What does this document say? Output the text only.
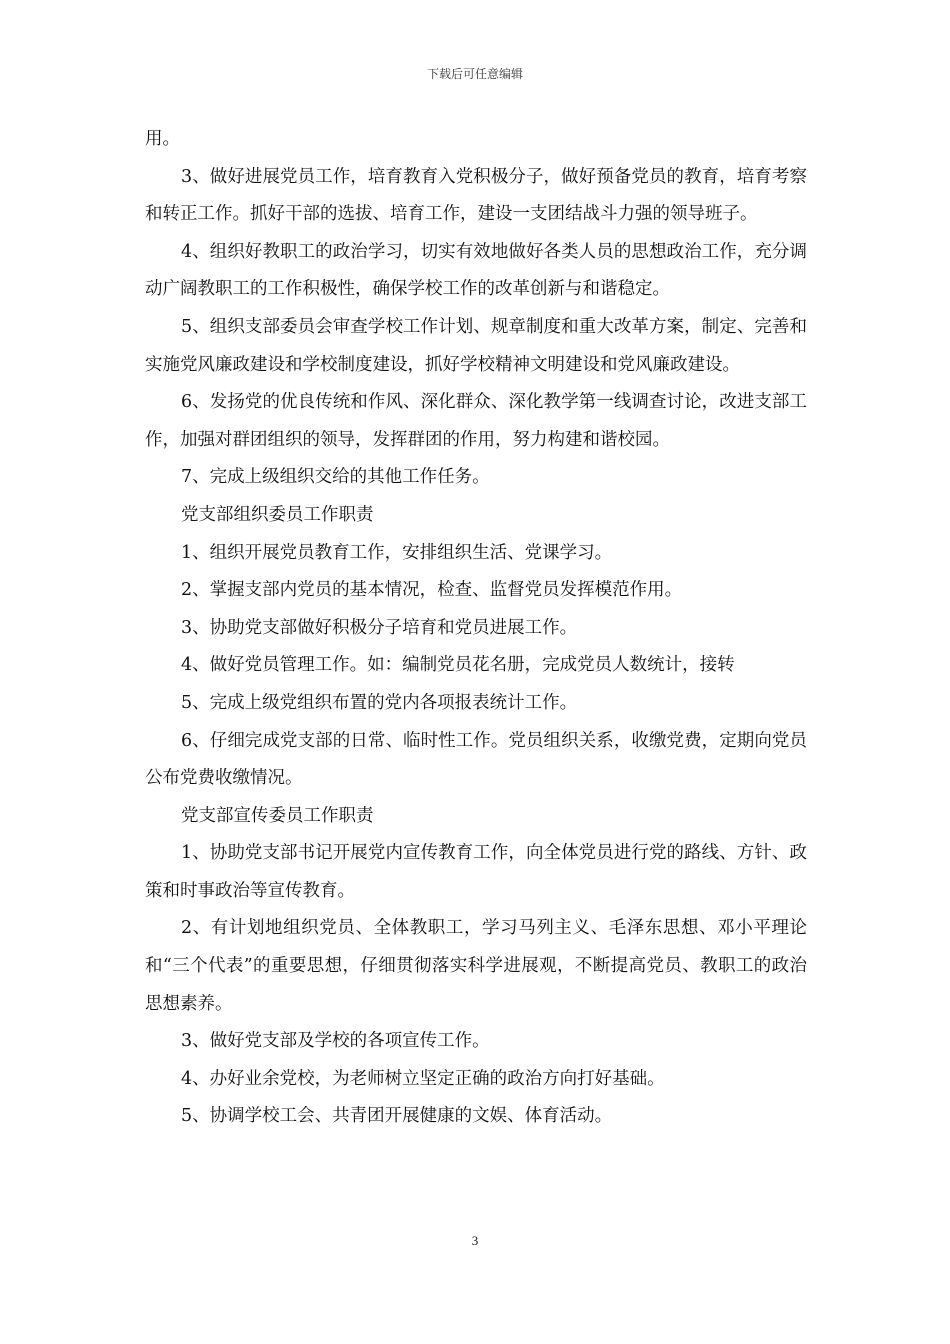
下载后可任意编辑

用。

3、做好进展党员工作，培育教育入党积极分子，做好预备党员的教育，培育考察和转正工作。抓好干部的选拔、培育工作，建设一支团结战斗力强的领导班子。

4、组织好教职工的政治学习，切实有效地做好各类人员的思想政治工作，充分调动广阔教职工的工作积极性，确保学校工作的改革创新与和谐稳定。

5、组织支部委员会审查学校工作计划、规章制度和重大改革方案，制定、完善和实施党风廉政建设和学校制度建设，抓好学校精神文明建设和党风廉政建设。

6、发扬党的优良传统和作风、深化群众、深化教学第一线调查讨论，改进支部工作，加强对群团组织的领导，发挥群团的作用，努力构建和谐校园。

7、完成上级组织交给的其他工作任务。

党支部组织委员工作职责

1、组织开展党员教育工作，安排组织生活、党课学习。

2、掌握支部内党员的基本情况，检查、监督党员发挥模范作用。

3、协助党支部做好积极分子培育和党员进展工作。

4、做好党员管理工作。如：编制党员花名册，完成党员人数统计，接转

5、完成上级党组织布置的党内各项报表统计工作。

6、仔细完成党支部的日常、临时性工作。党员组织关系，收缴党费，定期向党员公布党费收缴情况。

党支部宣传委员工作职责

1、协助党支部书记开展党内宣传教育工作，向全体党员进行党的路线、方针、政策和时事政治等宣传教育。

2、有计划地组织党员、全体教职工，学习马列主义、毛泽东思想、邓小平理论和“三个代表”的重要思想，仔细贯彻落实科学进展观，不断提高党员、教职工的政治思想素养。

3、做好党支部及学校的各项宣传工作。

4、办好业余党校，为老师树立坚定正确的政治方向打好基础。

5、协调学校工会、共青团开展健康的文娱、体育活动。

3
